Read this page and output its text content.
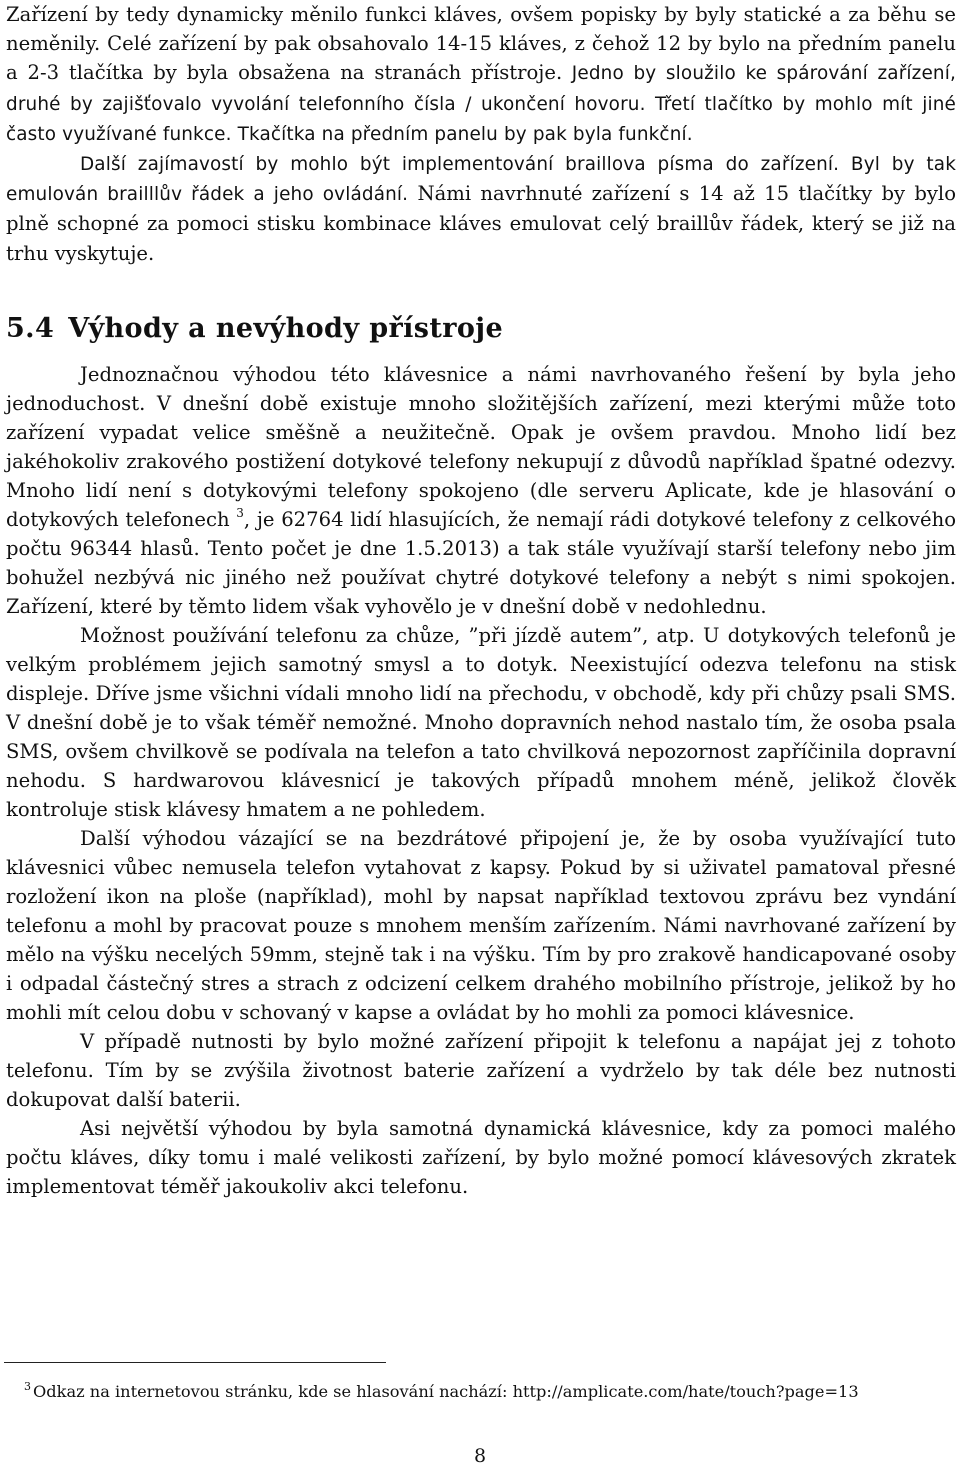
Zařízení by tedy dynamicky měnilo funkci kláves, ovšem popisky by byly statické a za běhu se neměnily. Celé zařízení by pak obsahovalo 14-15 kláves, z čehož 12 by bylo na předním panelu a 2-3 tlačítka by byla obsažena na stranách přístroje. Jedno by sloužilo ke spárování zařízení, druhé by zajišťovalo vyvolání telefonního čísla / ukončení hovoru. Třetí tlačítko by mohlo mít jiné často využívané funkce. Tkačítka na předním panelu by pak byla funkční.

Další zajímavostí by mohlo být implementování braillova písma do zařízení. Byl by tak emulován brailllův řádek a jeho ovládání. Námi navrhnuté zařízení s 14 až 15 tlačítky by bylo plně schopné za pomoci stisku kombinace kláves emulovat celý braillův řádek, který se již na trhu vyskytuje.

5.4 Výhody a nevýhody přístroje

Jednoznačnou výhodou této klávesnice a námi navrhovaného řešení by byla jeho jednoduchost. V dnešní době existuje mnoho složitějších zařízení, mezi kterými může toto zařízení vypadat velice směšně a neužitečně. Opak je ovšem pravdou. Mnoho lidí bez jakéhokoliv zrakového postižení dotykové telefony nekupují z důvodů například špatné odezvy. Mnoho lidí není s dotykovými telefony spokojeno (dle serveru Aplicate, kde je hlasování o dotykových telefonech $^3$, je 62764 lidí hlasujících, že nemají rádi dotykové telefony z celkového počtu 96344 hlasů. Tento počet je dne 1.5.2013) a tak stále využívají starší telefony nebo jim bohužel nezbývá nic jiného než používat chytré dotykové telefony a nebýt s nimi spokojen. Zařízení, které by těmto lidem však vyhovělo je v dnešní době v nedohlednu.

Možnost používání telefonu za chůze, ”při jízdě autem”, atp. U dotykových telefonů je velkým problémem jejich samotný smysl a to dotyk. Neexistující odezva telefonu na stisk displeje. Dříve jsme všichni vídali mnoho lidí na přechodu, v obchodě, kdy při chůzy psali SMS. V dnešní době je to však téměř nemožné. Mnoho dopravních nehod nastalo tím, že osoba psala SMS, ovšem chvilkově se podívala na telefon a tato chvilková nepozornost zapříčinila dopravní nehodu. S hardwarovou klávesnicí je takových případů mnohem méně, jelikož člověk kontroluje stisk klávesy hmatem a ne pohledem.

Další výhodou vázající se na bezdrátové připojení je, že by osoba využívající tuto klávesnici vůbec nemusela telefon vytahovat z kapsy. Pokud by si uživatel pamatoval přesné rozložení ikon na ploše (například), mohl by napsat například textovou zprávu bez vyndání telefonu a mohl by pracovat pouze s mnohem menším zařízením. Námi navrhované zařízení by mělo na výšku necelých 59mm, stejně tak i na výšku. Tím by pro zrakově handicapované osoby i odpadal částečný stres a strach z odcizení celkem drahého mobilního přístroje, jelikož by ho mohli mít celou dobu v schovaný v kapse a ovládat by ho mohli za pomoci klávesnice.

V případě nutnosti by bylo možné zařízení připojit k telefonu a napájat jej z tohoto telefonu. Tím by se zvýšila životnost baterie zařízení a vydrželo by tak déle bez nutnosti dokupovat další baterii.

Asi největší výhodou by byla samotná dynamická klávesnice, kdy za pomoci malého počtu kláves, díky tomu i malé velikosti zařízení, by bylo možné pomocí klávesových zkratek implementovat téměř jakoukoliv akci telefonu.

$^3$ Odkaz na internetovou stránku, kde se hlasování nachází: http://amplicate.com/hate/touch?page=13
8
